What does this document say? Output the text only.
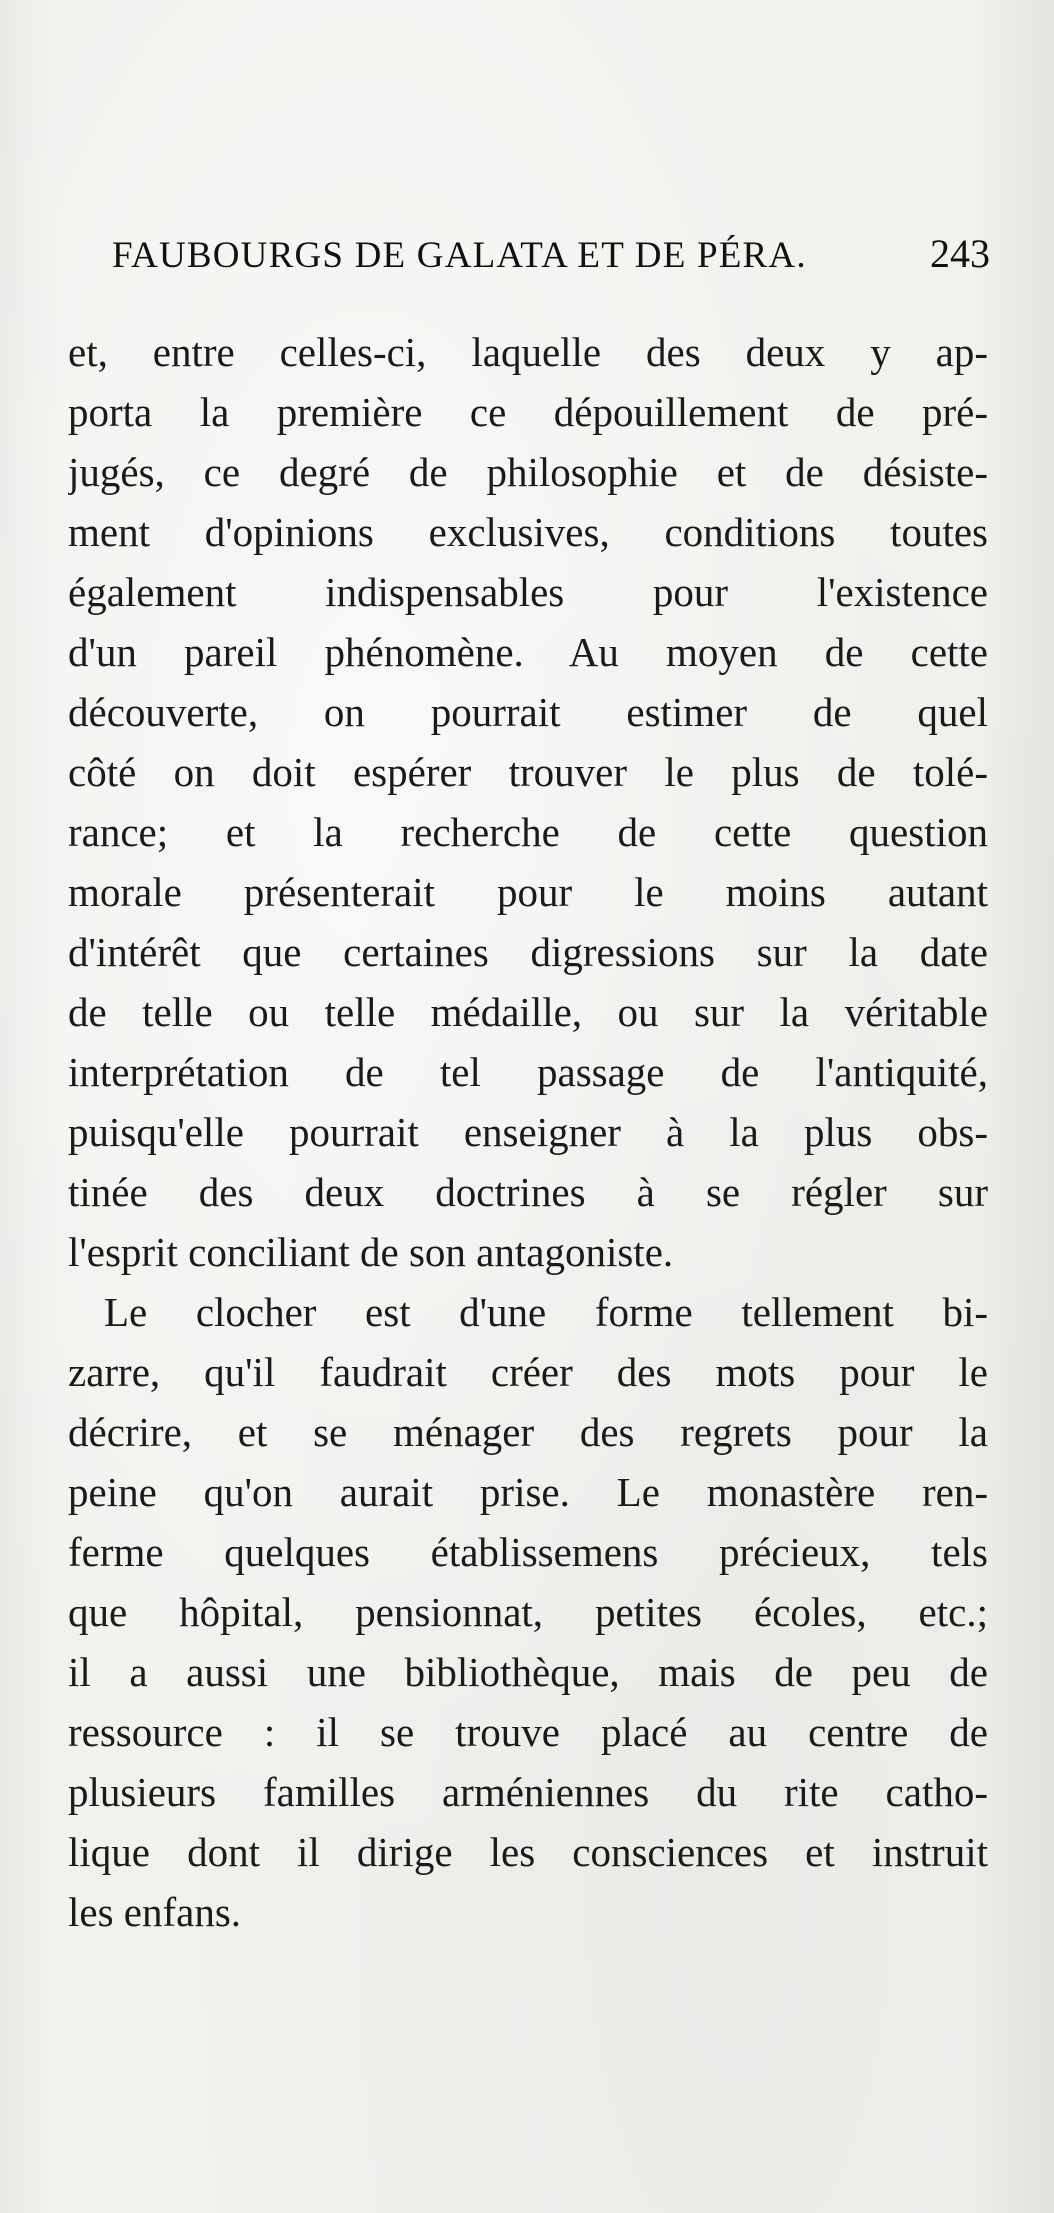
FAUBOURGS DE GALATA ET DE PÉRA.	243
et, entre celles-ci, laquelle des deux y ap-
porta la première ce dépouillement de pré-
jugés, ce degré de philosophie et de désiste-
ment d'opinions exclusives, conditions toutes
également indispensables pour l'existence
d'un pareil phénomène. Au moyen de cette
découverte, on pourrait estimer de quel
côté on doit espérer trouver le plus de tolé-
rance; et la recherche de cette question
morale présenterait pour le moins autant
d'intérêt que certaines digressions sur la date
de telle ou telle médaille, ou sur la véritable
interprétation de tel passage de l'antiquité,
puisqu'elle pourrait enseigner à la plus obs-
tinée des deux doctrines à se régler sur
l'esprit conciliant de son antagoniste.
Le clocher est d'une forme tellement bi-
zarre, qu'il faudrait créer des mots pour le
décrire, et se ménager des regrets pour la
peine qu'on aurait prise. Le monastère ren-
ferme quelques établissemens précieux, tels
que hôpital, pensionnat, petites écoles, etc.;
il a aussi une bibliothèque, mais de peu de
ressource : il se trouve placé au centre de
plusieurs familles arméniennes du rite catho-
lique dont il dirige les consciences et instruit
les enfans.
